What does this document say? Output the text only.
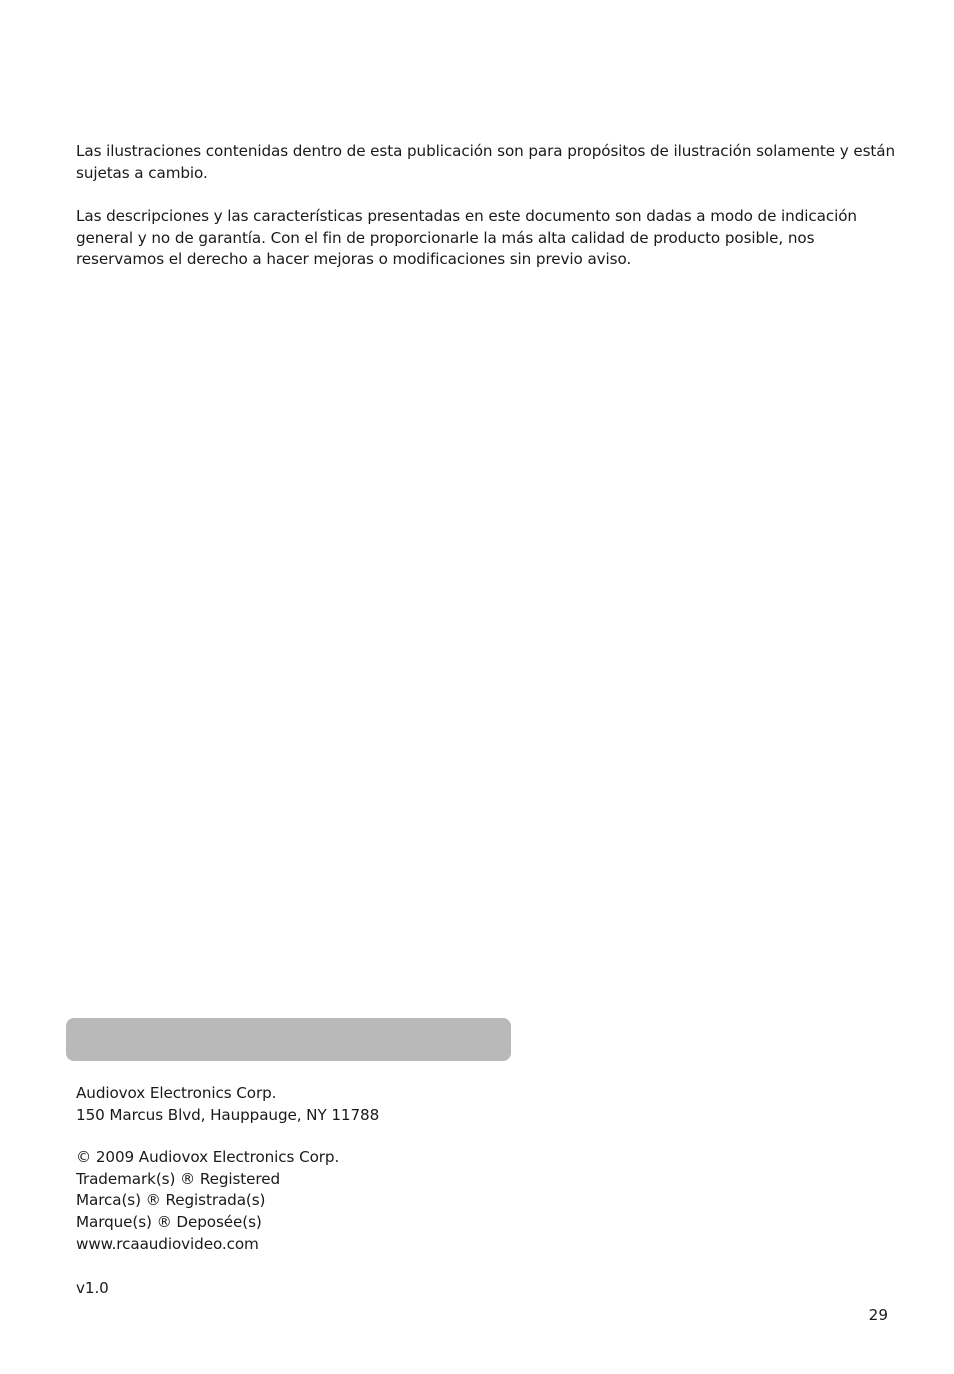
Las ilustraciones contenidas dentro de esta publicación son para propósitos de ilustración solamente y están sujetas a cambio.

Las descripciones y las características presentadas en este documento son dadas a modo de indicación general y no de garantía. Con el fin de proporcionarle la más alta calidad de producto posible, nos reservamos el derecho a hacer mejoras o modificaciones sin previo aviso.

Audiovox Electronics Corp.
150 Marcus Blvd, Hauppauge, NY 11788
© 2009 Audiovox Electronics Corp.
Trademark(s) ® Registered
Marca(s) ® Registrada(s)
Marque(s) ® Deposée(s)
www.rcaaudiovideo.com
v1.0
29
